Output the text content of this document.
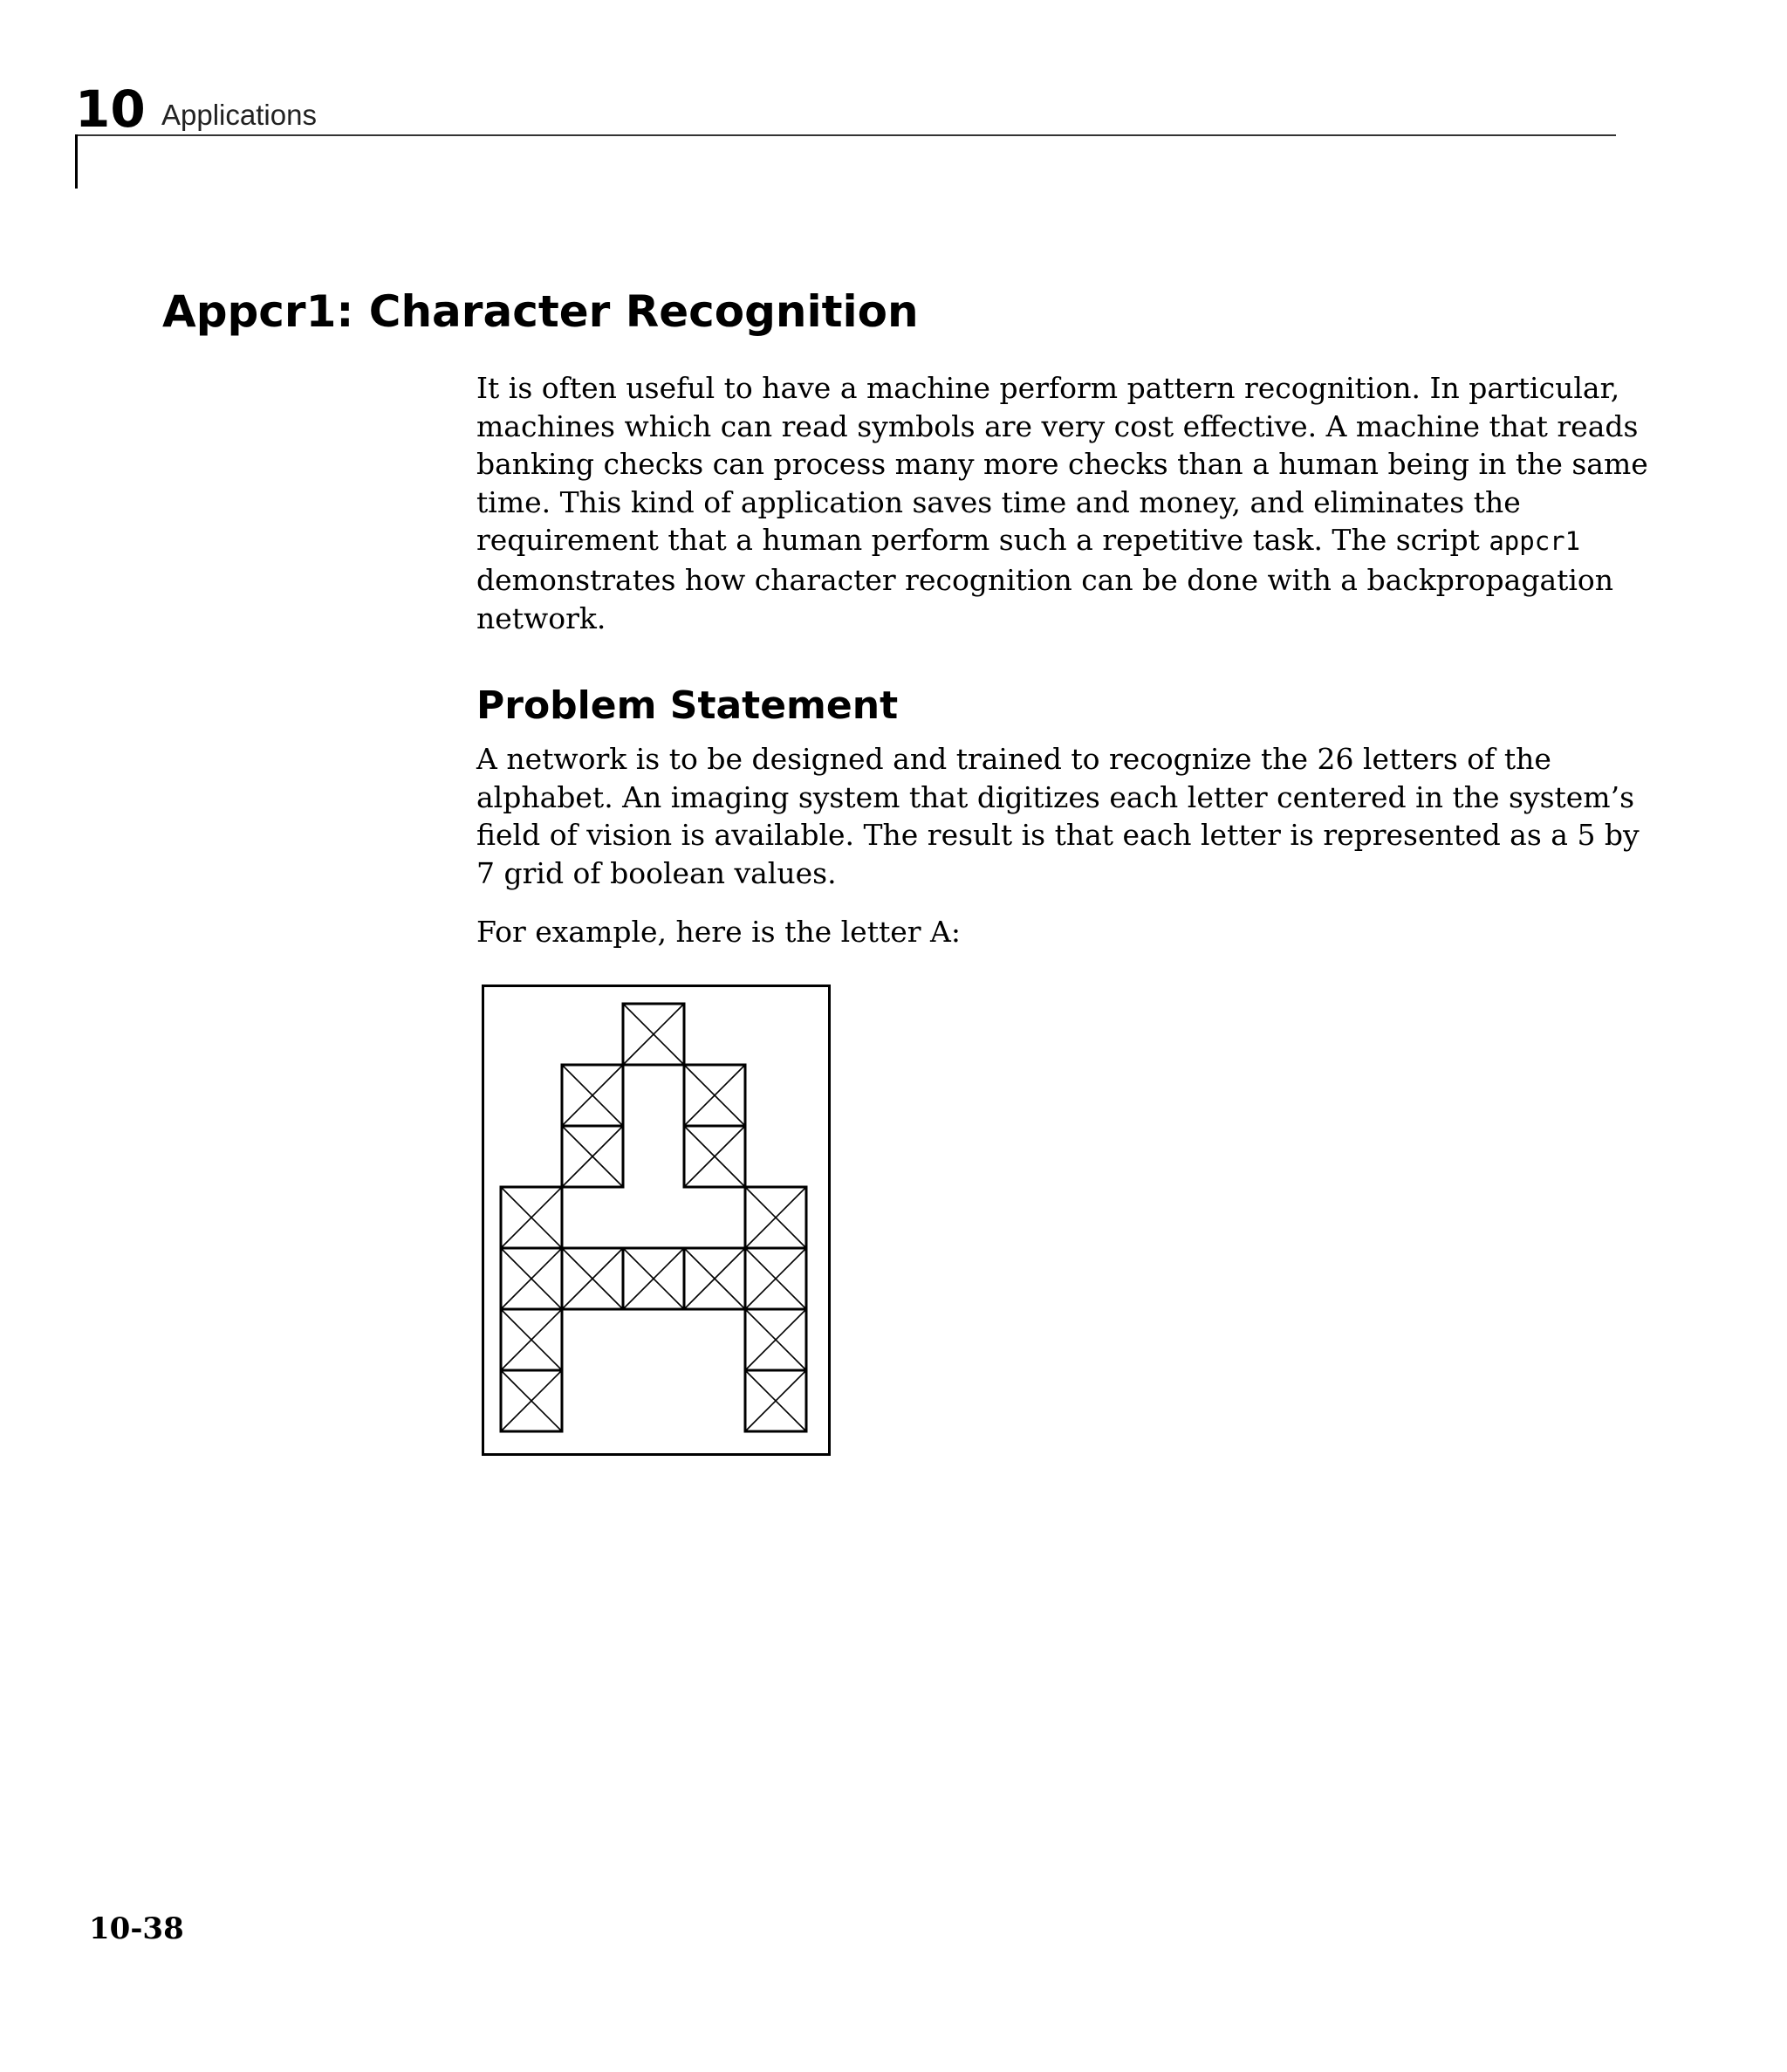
10 Applications
Appcr1: Character Recognition
It is often useful to have a machine perform pattern recognition. In particular,
machines which can read symbols are very cost effective. A machine that reads
banking checks can process many more checks than a human being in the same
time. This kind of application saves time and money, and eliminates the
requirement that a human perform such a repetitive task. The script appcr1
demonstrates how character recognition can be done with a backpropagation
network.
Problem Statement
A network is to be designed and trained to recognize the 26 letters of the
alphabet. An imaging system that digitizes each letter centered in the system’s
field of vision is available. The result is that each letter is represented as a 5 by
7 grid of boolean values.
For example, here is the letter A:
10-38
